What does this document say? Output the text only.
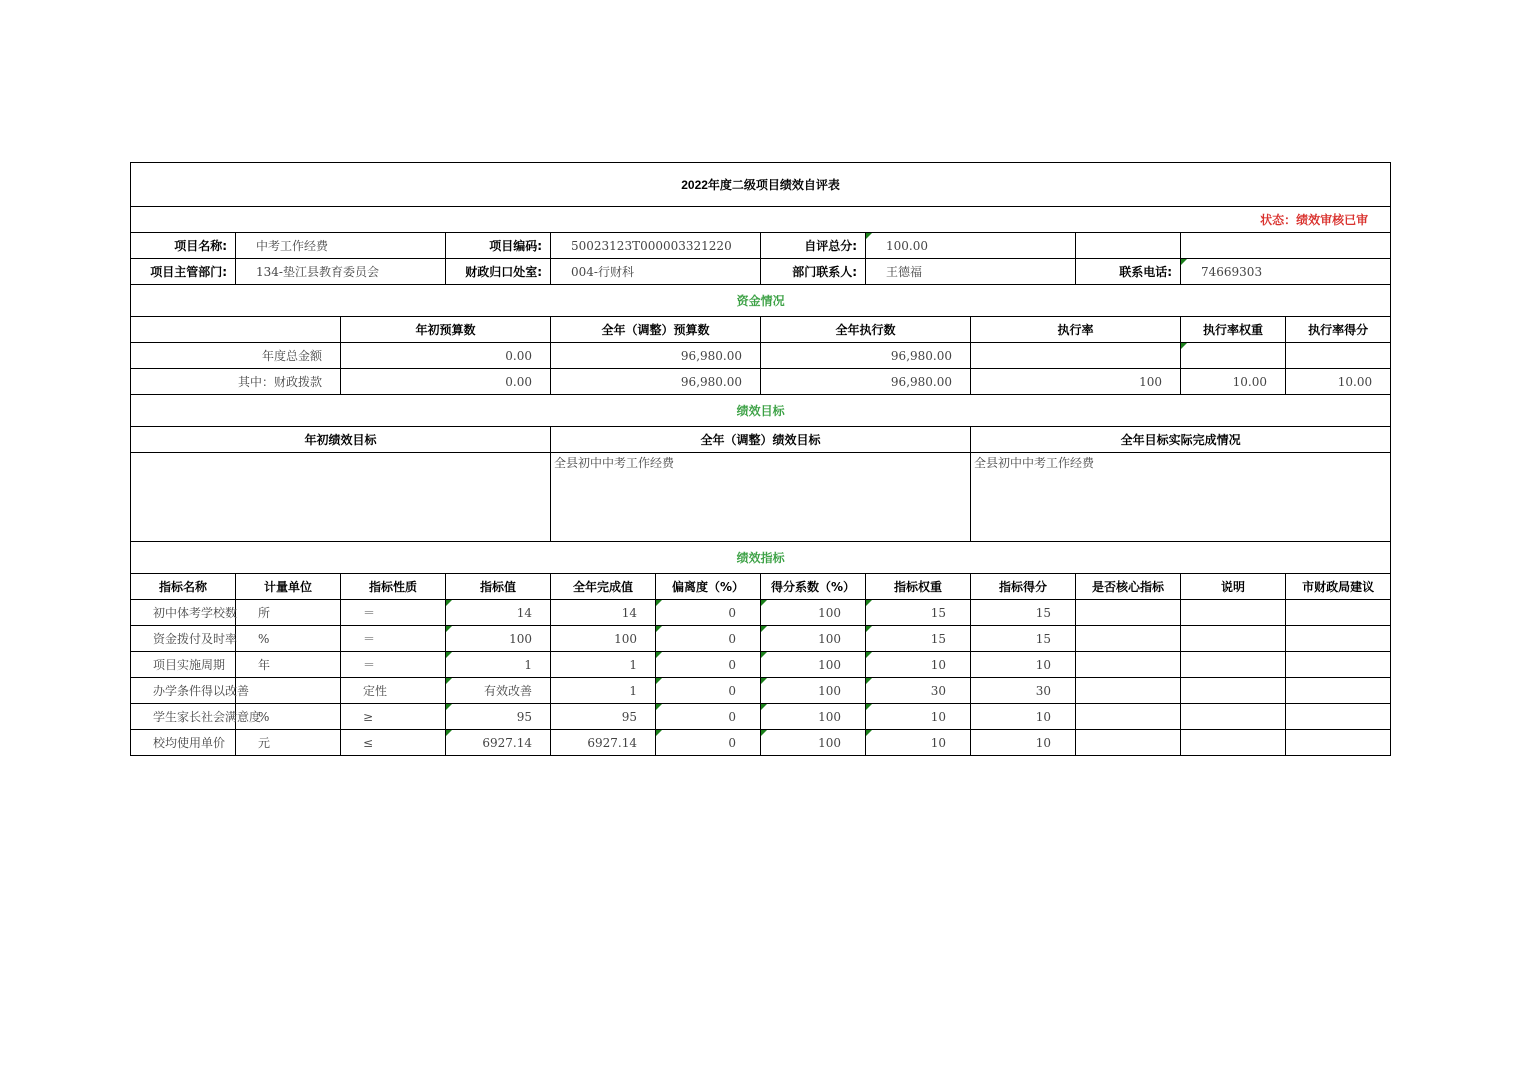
2022年度二级项目绩效自评表											
状态：绩效审核已审											
项目名称:	中考工作经费		项目编码:	50023123T000003321220		自评总分:	100.00				
项目主管部门:	134-垫江县教育委员会		财政归口处室:	004-行财科		部门联系人:	王德福		联系电话:	74669303	
资金情况											
		年初预算数		全年（调整）预算数		全年执行数		执行率		执行率权重	执行率得分
年度总金额		0.00		96,980.00		96,980.00					
其中：财政拨款		0.00		96,980.00		96,980.00		100		10.00	10.00
绩效目标											
年初绩效目标				全年（调整）绩效目标				全年目标实际完成情况			
				全县初中中考工作经费				全县初中中考工作经费			
绩效指标											
指标名称	计量单位	指标性质	指标值	全年完成值	偏离度（%）	得分系数（%）	指标权重	指标得分	是否核心指标	说明	市财政局建议
初中体考学校数	所	＝	14	14	0	100	15	15			
资金拨付及时率	%	＝	100	100	0	100	15	15			
项目实施周期	年	＝	1	1	0	100	10	10			
办学条件得以改善		定性	有效改善	1	0	100	30	30			
学生家长社会满意度	%	≥	95	95	0	100	10	10			
校均使用单价	元	≤	6927.14	6927.14	0	100	10	10			
